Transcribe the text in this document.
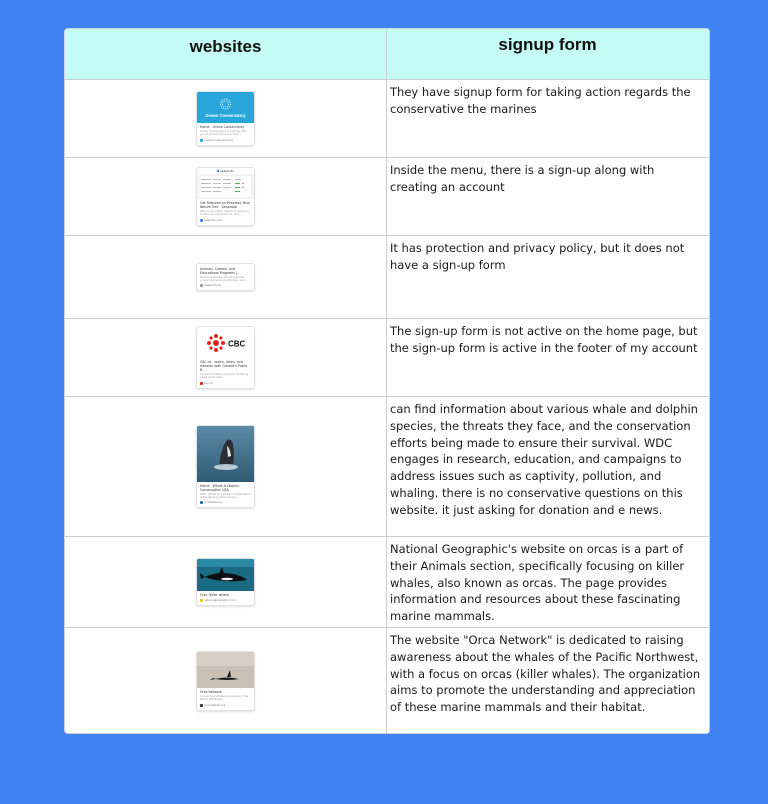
websites	signup form
Ocean Conservancy
Home - Ocean Conservancy
Ocean Conservancy is working with you to protect the ocean from...
oceanconservancy.org
They have signup form for taking action regards the conservative the marines
seaphoto
Get Featured on Pinterest, Blue Nature Tree - Seaphoto
Nature & product, Seaphoto gives you endless all new products, and...
seaphoto.com
Inside the menu, there is a sign-up along with creating an account
Animals, Careers, and Educational Programs |...
Marine mammals and educational school and learning activities, and...
seaworld.org
It has protection and privacy policy, but it does not have a sign-up form
CBC
CBC.ca - watch, listen, and discover with Canada's Public B...
Canada's trusted source for breaking news, local news...
cbc.ca
The sign-up form is not active on the home page, but the sign-up form is active in the footer of my account
Home - Whale & Dolphin Conservation USA
WDC, Whale and Dolphin Conservation is the leading global charity...
us.whales.org
can find information about various whale and dolphin species, the threats they face, and the conservation efforts being made to ensure their survival. WDC engages in research, education, and campaigns to address issues such as captivity, pollution, and whaling. there is no conservative questions on this website. it just asking for donation and e news.
Orca (Killer whale)
nationalgeographic.com
National Geographic's website on orcas is a part of their Animals section, specifically focusing on killer whales, also known as orcas. The page provides information and resources about these fascinating marine mammals.
Orca Network
Connecting whales and people in the Pacific Northwest
orcanetwork.org
The website "Orca Network" is dedicated to raising awareness about the whales of the Pacific Northwest, with a focus on orcas (killer whales). The organization aims to promote the understanding and appreciation of these marine mammals and their habitat.
